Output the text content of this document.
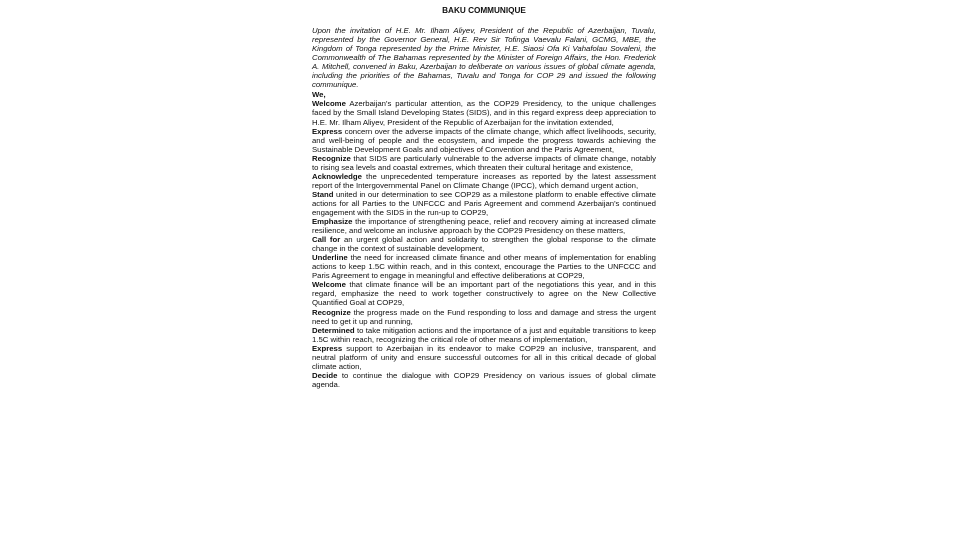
BAKU COMMUNIQUE

Upon the invitation of H.E. Mr. Ilham Aliyev, President of the Republic of Azerbaijan, Tuvalu, represented by the Governor General, H.E. Rev Sir Tofinga Vaevalu Falani, GCMG, MBE, the Kingdom of Tonga represented by the Prime Minister, H.E. Siaosi Ofa Ki Vahafolau Sovaleni, the Commonwealth of The Bahamas represented by the Minister of Foreign Affairs, the Hon. Frederick A. Mitchell, convened in Baku, Azerbaijan to deliberate on various issues of global climate agenda, including the priorities of the Bahamas, Tuvalu and Tonga for COP 29 and issued the following communique.

We,

Welcome Azerbaijan's particular attention, as the COP29 Presidency, to the unique challenges faced by the Small Island Developing States (SIDS), and in this regard express deep appreciation to H.E. Mr. Ilham Aliyev, President of the Republic of Azerbaijan for the invitation extended,

Express concern over the adverse impacts of the climate change, which affect livelihoods, security, and well-being of people and the ecosystem, and impede the progress towards achieving the Sustainable Development Goals and objectives of Convention and the Paris Agreement,

Recognize that SIDS are particularly vulnerable to the adverse impacts of climate change, notably to rising sea levels and coastal extremes, which threaten their cultural heritage and existence,

Acknowledge the unprecedented temperature increases as reported by the latest assessment report of the Intergovernmental Panel on Climate Change (IPCC), which demand urgent action,

Stand united in our determination to see COP29 as a milestone platform to enable effective climate actions for all Parties to the UNFCCC and Paris Agreement and commend Azerbaijan's continued engagement with the SIDS in the run-up to COP29,

Emphasize the importance of strengthening peace, relief and recovery aiming at increased climate resilience, and welcome an inclusive approach by the COP29 Presidency on these matters,

Call for an urgent global action and solidarity to strengthen the global response to the climate change in the context of sustainable development,

Underline the need for increased climate finance and other means of implementation for enabling actions to keep 1.5C within reach, and in this context, encourage the Parties to the UNFCCC and Paris Agreement to engage in meaningful and effective deliberations at COP29,

Welcome that climate finance will be an important part of the negotiations this year, and in this regard, emphasize the need to work together constructively to agree on the New Collective Quantified Goal at COP29,

Recognize the progress made on the Fund responding to loss and damage and stress the urgent need to get it up and running,

Determined to take mitigation actions and the importance of a just and equitable transitions to keep 1.5C within reach, recognizing the critical role of other means of implementation,

Express support to Azerbaijan in its endeavor to make COP29 an inclusive, transparent, and neutral platform of unity and ensure successful outcomes for all in this critical decade of global climate action,

Decide to continue the dialogue with COP29 Presidency on various issues of global climate agenda.
